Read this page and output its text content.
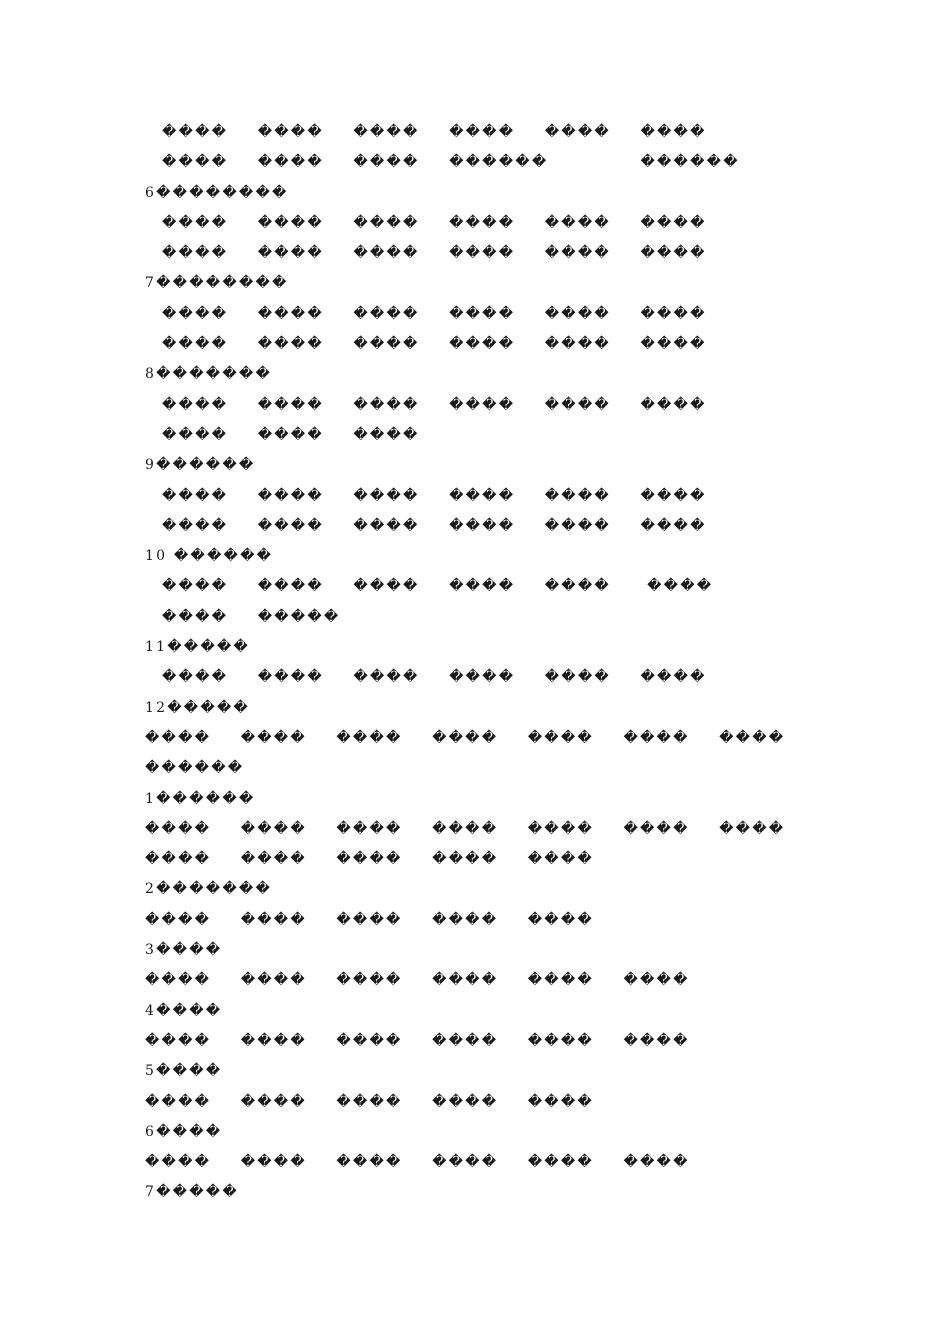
���� ���� ���� ���� ���� ����
���� ���� ���� ������	������
6��������
���� ���� ���� ���� ���� ����
���� ���� ���� ���� ���� ����
7��������
���� ���� ���� ���� ���� ����
���� ���� ���� ���� ���� ����
8�������
���� ���� ���� ���� ���� ����
���� ���� ����
9������
���� ���� ���� ���� ���� ����
���� ���� ���� ���� ���� ����
10 ������
���� ���� ���� ���� ���� ����
���� �����
11�����
���� ���� ���� ���� ���� ����
12�����
���� ���� ���� ���� ���� ���� ����
������
1������
���� ���� ���� ���� ���� ���� ����
���� ���� ���� ���� ����
2�������
���� ���� ���� ���� ����
3����
���� ���� ���� ���� ���� ����
4����
���� ���� ���� ���� ���� ����
5����
���� ���� ���� ���� ����
6����
���� ���� ���� ���� ���� ����
7�����
